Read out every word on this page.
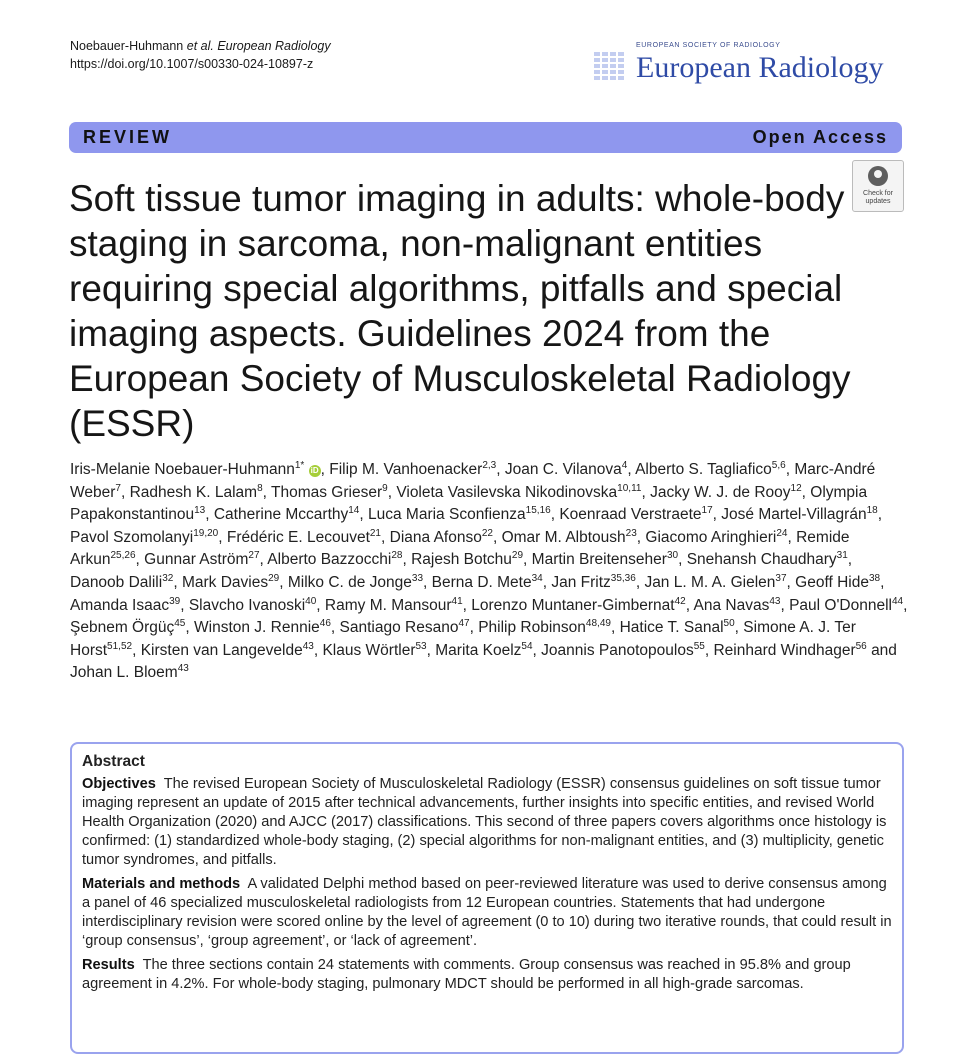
Noebauer-Huhmann et al. European Radiology
https://doi.org/10.1007/s00330-024-10897-z
EUROPEAN SOCIETY OF RADIOLOGY
European Radiology
REVIEW	Open Access
Check for
updates
Soft tissue tumor imaging in adults: whole-body staging in sarcoma, non-malignant entities requiring special algorithms, pitfalls and special imaging aspects. Guidelines 2024 from the European Society of Musculoskeletal Radiology (ESSR)
Iris-Melanie Noebauer-Huhmann$^{1*}$ iD , Filip M. Vanhoenacker$^{2,3}$, Joan C. Vilanova$^4$, Alberto S. Tagliafico$^{5,6}$, Marc-André Weber$^7$, Radhesh K. Lalam$^8$, Thomas Grieser$^9$, Violeta Vasilevska Nikodinovska$^{10,11}$, Jacky W. J. de Rooy$^{12}$, Olympia Papakonstantinou$^{13}$, Catherine Mccarthy$^{14}$, Luca Maria Sconfienza$^{15,16}$, Koenraad Verstraete$^{17}$, José Martel-Villagrán$^{18}$, Pavol Szomolanyi$^{19,20}$, Frédéric E. Lecouvet$^{21}$, Diana Afonso$^{22}$, Omar M. Albtoush$^{23}$, Giacomo Aringhieri$^{24}$, Remide Arkun$^{25,26}$, Gunnar Aström$^{27}$, Alberto Bazzocchi$^{28}$, Rajesh Botchu$^{29}$, Martin Breitenseher$^{30}$, Snehansh Chaudhary$^{31}$, Danoob Dalili$^{32}$, Mark Davies$^{29}$, Milko C. de Jonge$^{33}$, Berna D. Mete$^{34}$, Jan Fritz$^{35,36}$, Jan L. M. A. Gielen$^{37}$, Geoff Hide$^{38}$, Amanda Isaac$^{39}$, Slavcho Ivanoski$^{40}$, Ramy M. Mansour$^{41}$, Lorenzo Muntaner-Gimbernat$^{42}$, Ana Navas$^{43}$, Paul O'Donnell$^{44}$, Şebnem Örgüç$^{45}$, Winston J. Rennie$^{46}$, Santiago Resano$^{47}$, Philip Robinson$^{48,49}$, Hatice T. Sanal$^{50}$, Simone A. J. Ter Horst$^{51,52}$, Kirsten van Langevelde$^{43}$, Klaus Wörtler$^{53}$, Marita Koelz$^{54}$, Joannis Panotopoulos$^{55}$, Reinhard Windhager$^{56}$ and Johan L. Bloem$^{43}$
Abstract

Objectives The revised European Society of Musculoskeletal Radiology (ESSR) consensus guidelines on soft tissue tumor imaging represent an update of 2015 after technical advancements, further insights into specific entities, and revised World Health Organization (2020) and AJCC (2017) classifications. This second of three papers covers algorithms once histology is confirmed: (1) standardized whole-body staging, (2) special algorithms for non-malignant entities, and (3) multiplicity, genetic tumor syndromes, and pitfalls.

Materials and methods A validated Delphi method based on peer-reviewed literature was used to derive consensus among a panel of 46 specialized musculoskeletal radiologists from 12 European countries. Statements that had undergone interdisciplinary revision were scored online by the level of agreement (0 to 10) during two iterative rounds, that could result in ‘group consensus’, ‘group agreement’, or ‘lack of agreement’.

Results The three sections contain 24 statements with comments. Group consensus was reached in 95.8% and group agreement in 4.2%. For whole-body staging, pulmonary MDCT should be performed in all high-grade sarcomas.
